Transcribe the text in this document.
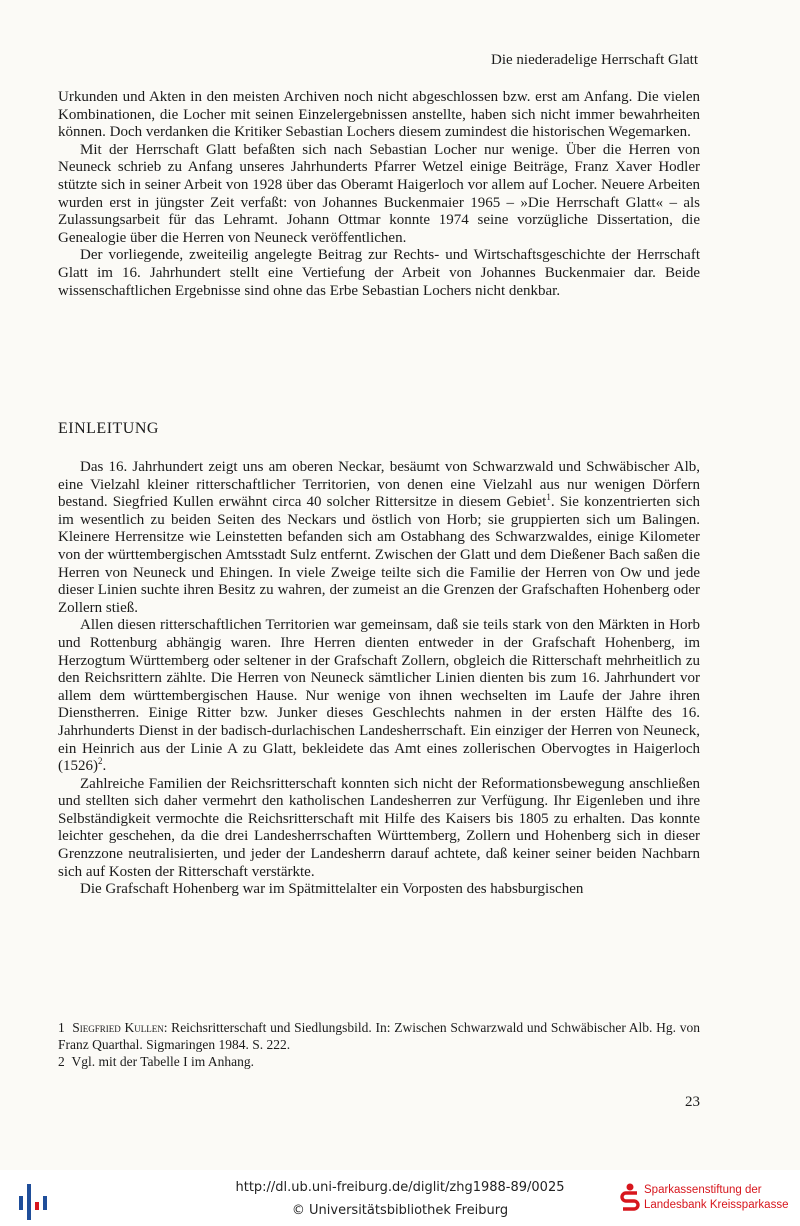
Die niederadelige Herrschaft Glatt

Urkunden und Akten in den meisten Archiven noch nicht abgeschlossen bzw. erst am Anfang. Die vielen Kombinationen, die Locher mit seinen Einzelergebnissen anstellte, haben sich nicht immer bewahrheiten können. Doch verdanken die Kritiker Sebastian Lochers diesem zumindest die historischen Wegemarken.

Mit der Herrschaft Glatt befaßten sich nach Sebastian Locher nur wenige. Über die Herren von Neuneck schrieb zu Anfang unseres Jahrhunderts Pfarrer Wetzel einige Beiträge, Franz Xaver Hodler stützte sich in seiner Arbeit von 1928 über das Oberamt Haigerloch vor allem auf Locher. Neuere Arbeiten wurden erst in jüngster Zeit verfaßt: von Johannes Buckenmaier 1965 – »Die Herrschaft Glatt« – als Zulassungsarbeit für das Lehramt. Johann Ottmar konnte 1974 seine vorzügliche Dissertation, die Genealogie über die Herren von Neuneck veröffentlichen.

Der vorliegende, zweiteilig angelegte Beitrag zur Rechts- und Wirtschaftsgeschichte der Herrschaft Glatt im 16. Jahrhundert stellt eine Vertiefung der Arbeit von Johannes Buckenmaier dar. Beide wissenschaftlichen Ergebnisse sind ohne das Erbe Sebastian Lochers nicht denkbar.

EINLEITUNG

Das 16. Jahrhundert zeigt uns am oberen Neckar, besäumt von Schwarzwald und Schwäbischer Alb, eine Vielzahl kleiner ritterschaftlicher Territorien, von denen eine Vielzahl aus nur wenigen Dörfern bestand. Siegfried Kullen erwähnt circa 40 solcher Rittersitze in diesem Gebiet$^1$. Sie konzentrierten sich im wesentlich zu beiden Seiten des Neckars und östlich von Horb; sie gruppierten sich um Balingen. Kleinere Herrensitze wie Leinstetten befanden sich am Ostabhang des Schwarzwaldes, einige Kilometer von der württembergischen Amtsstadt Sulz entfernt. Zwischen der Glatt und dem Dießener Bach saßen die Herren von Neuneck und Ehingen. In viele Zweige teilte sich die Familie der Herren von Ow und jede dieser Linien suchte ihren Besitz zu wahren, der zumeist an die Grenzen der Grafschaften Hohenberg oder Zollern stieß.

Allen diesen ritterschaftlichen Territorien war gemeinsam, daß sie teils stark von den Märkten in Horb und Rottenburg abhängig waren. Ihre Herren dienten entweder in der Grafschaft Hohenberg, im Herzogtum Württemberg oder seltener in der Grafschaft Zollern, obgleich die Ritterschaft mehrheitlich zu den Reichsrittern zählte. Die Herren von Neuneck sämtlicher Linien dienten bis zum 16. Jahrhundert vor allem dem württembergischen Hause. Nur wenige von ihnen wechselten im Laufe der Jahre ihren Dienstherren. Einige Ritter bzw. Junker dieses Geschlechts nahmen in der ersten Hälfte des 16. Jahrhunderts Dienst in der badisch-durlachischen Landesherrschaft. Ein einziger der Herren von Neuneck, ein Heinrich aus der Linie A zu Glatt, bekleidete das Amt eines zollerischen Obervogtes in Haigerloch $(1526)^2$.

Zahlreiche Familien der Reichsritterschaft konnten sich nicht der Reformationsbewegung anschließen und stellten sich daher vermehrt den katholischen Landesherren zur Verfügung. Ihr Eigenleben und ihre Selbständigkeit vermochte die Reichsritterschaft mit Hilfe des Kaisers bis 1805 zu erhalten. Das konnte leichter geschehen, da die drei Landesherrschaften Württemberg, Zollern und Hohenberg sich in dieser Grenzzone neutralisierten, und jeder der Landesherrn darauf achtete, daß keiner seiner beiden Nachbarn sich auf Kosten der Ritterschaft verstärkte.

Die Grafschaft Hohenberg war im Spätmittelalter ein Vorposten des habsburgischen

1 Siegfried Kullen: Reichsritterschaft und Siedlungsbild. In: Zwischen Schwarzwald und Schwäbischer Alb. Hg. von Franz Quarthal. Sigmaringen 1984. S. 222.

2 Vgl. mit der Tabelle I im Anhang.

23
http://dl.ub.uni-freiburg.de/diglit/zhg1988-89/0025
© Universitätsbibliothek Freiburg
Sparkassenstiftung der
Landesbank Kreissparkasse
